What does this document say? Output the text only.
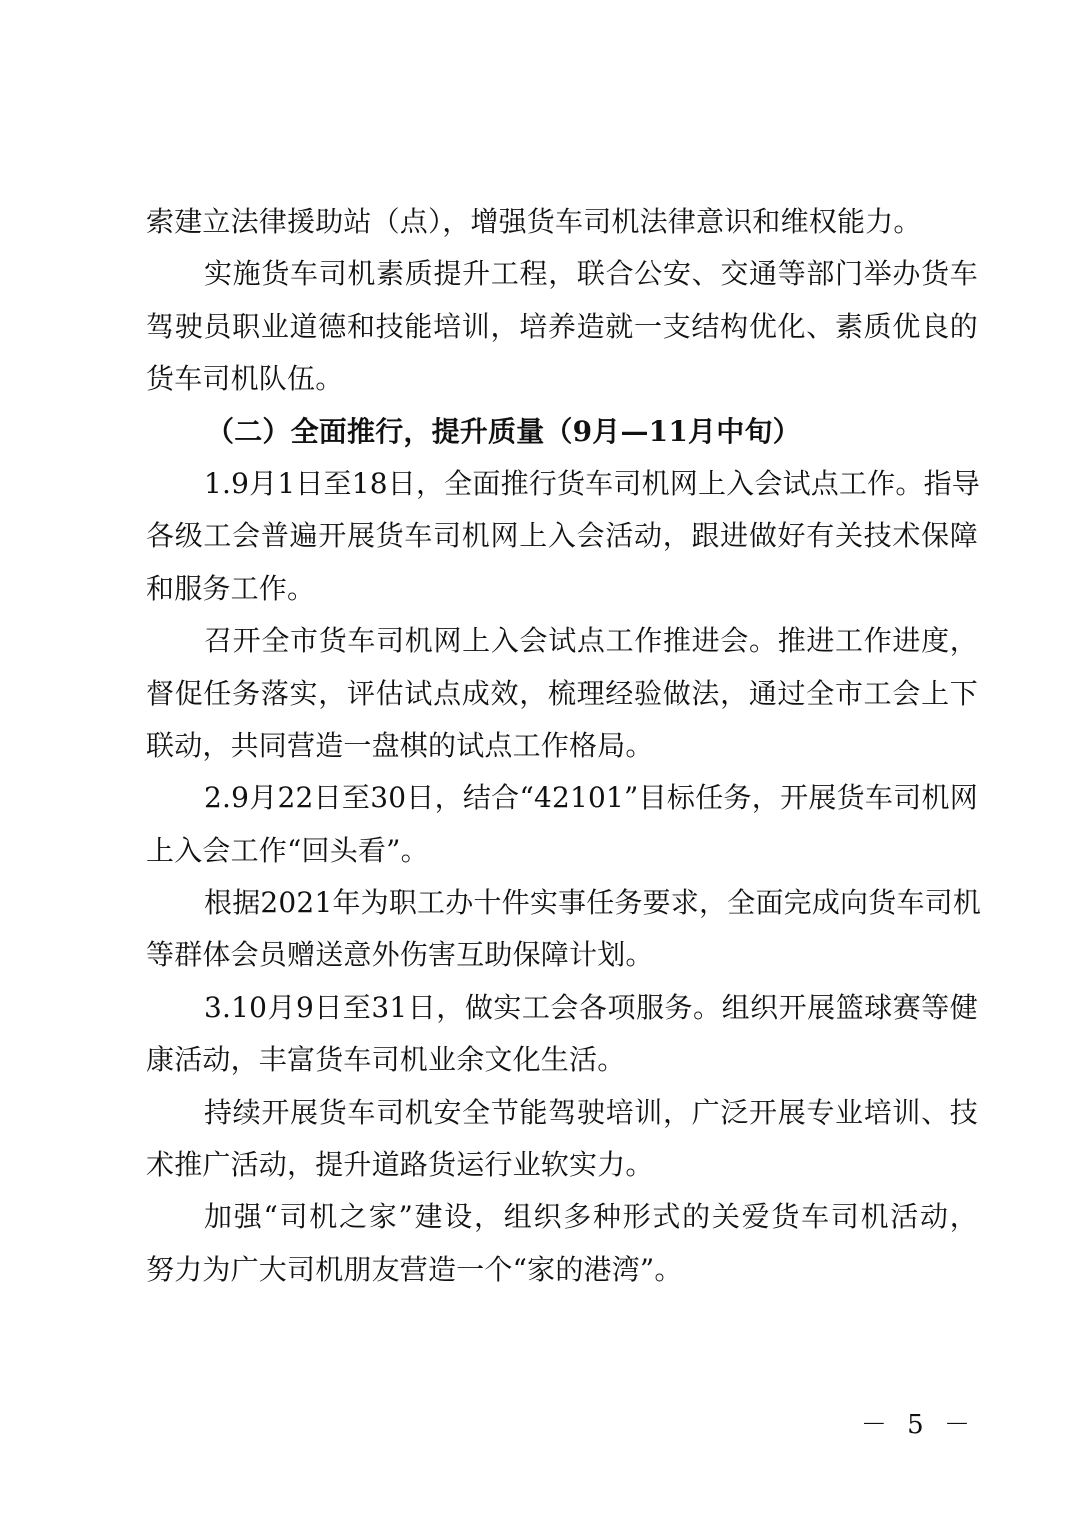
索建立法律援助站（点），增强货车司机法律意识和维权能力。
实施货车司机素质提升工程，联合公安、交通等部门举办货车
驾驶员职业道德和技能培训，培养造就一支结构优化、素质优良的
货车司机队伍。
（二）全面推行，提升质量（9月—11月中旬）
1.9月1日至18日，全面推行货车司机网上入会试点工作。指导
各级工会普遍开展货车司机网上入会活动，跟进做好有关技术保障
和服务工作。
召开全市货车司机网上入会试点工作推进会。推进工作进度，
督促任务落实，评估试点成效，梳理经验做法，通过全市工会上下
联动，共同营造一盘棋的试点工作格局。
2.9月22日至30日，结合“42101”目标任务，开展货车司机网
上入会工作“回头看”。
根据2021年为职工办十件实事任务要求，全面完成向货车司机
等群体会员赠送意外伤害互助保障计划。
3.10月9日至31日，做实工会各项服务。组织开展篮球赛等健
康活动，丰富货车司机业余文化生活。
持续开展货车司机安全节能驾驶培训，广泛开展专业培训、技
术推广活动，提升道路货运行业软实力。
加强“司机之家”建设，组织多种形式的关爱货车司机活动，
努力为广大司机朋友营造一个“家的港湾”。
－ 5 －
